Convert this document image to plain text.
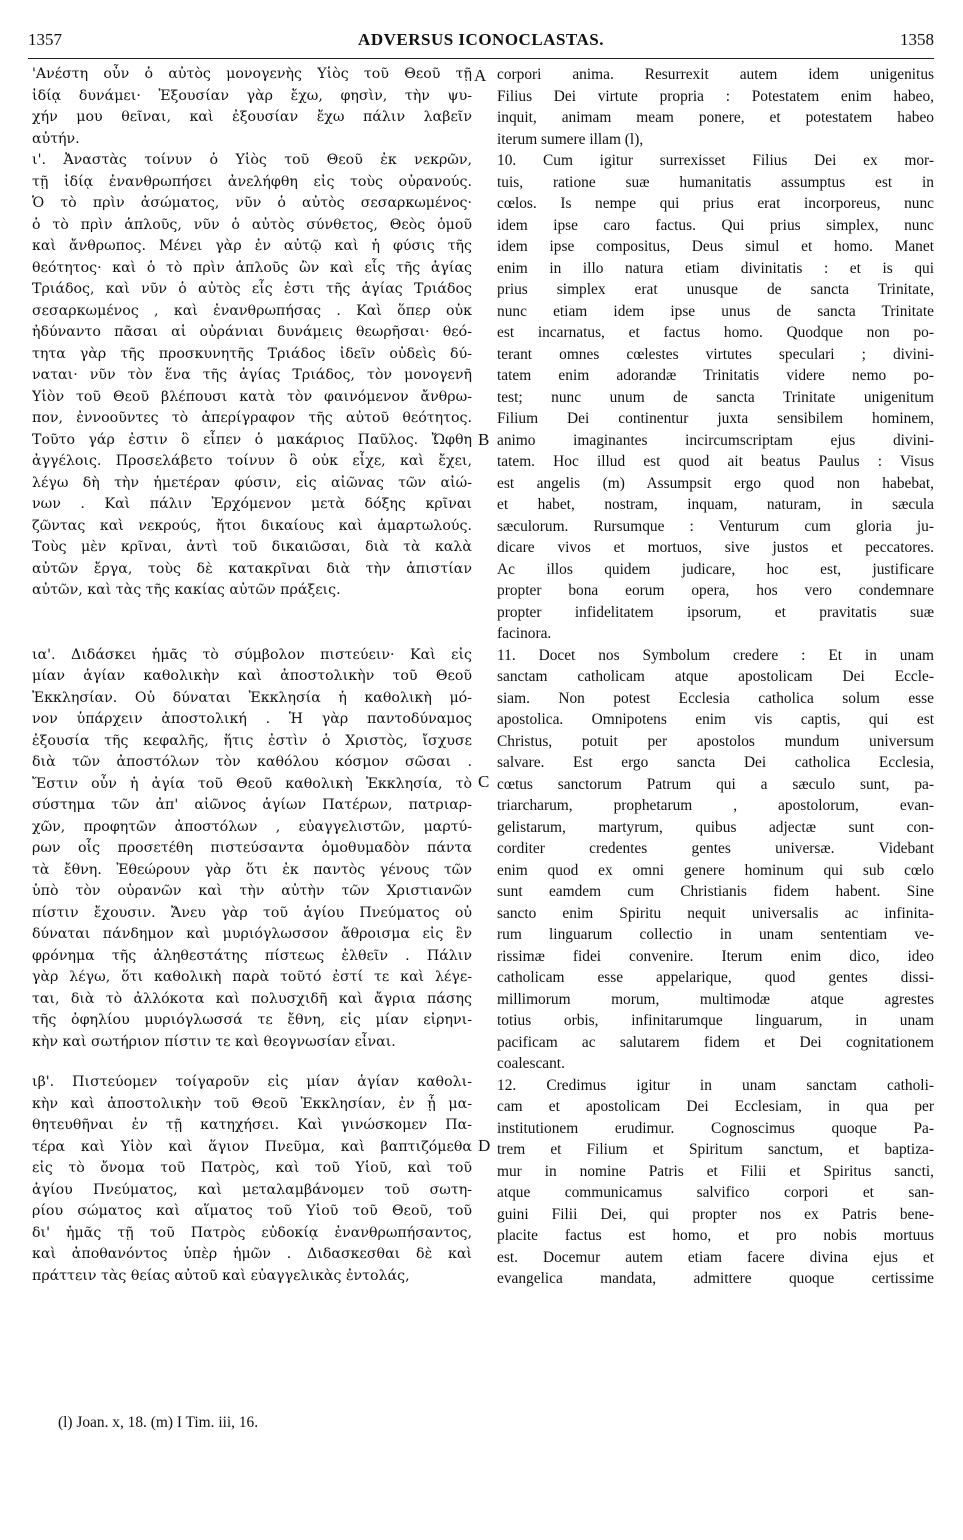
1357	ADVERSUS ICONOCLASTAS.	1358
'Ανέστη οὖν ὁ αὐτὸς μονογενὴς Υἱὸς τοῦ Θεοῦ τῇ
ἰδίᾳ δυνάμει· Ἐξουσίαν γὰρ ἔχω, φησὶν, τὴν ψυ-
χήν μου θεῖναι, καὶ ἐξουσίαν ἔχω πάλιν λαβεῖν
αὐτήν.
ι'. Ἀναστὰς τοίνυν ὁ Υἱὸς τοῦ Θεοῦ ἐκ νεκρῶν,
τῇ ἰδίᾳ ἐνανθρωπήσει ἀνελήφθη εἰς τοὺς οὐρανούς.
Ὁ τὸ πρὶν ἀσώματος, νῦν ὁ αὐτὸς σεσαρκωμένος·
ὁ τὸ πρὶν ἁπλοῦς, νῦν ὁ αὐτὸς σύνθετος, Θεὸς ὁμοῦ
καὶ ἄνθρωπος. Μένει γὰρ ἐν αὐτῷ καὶ ἡ φύσις τῆς
θεότητος· καὶ ὁ τὸ πρὶν ἁπλοῦς ὢν καὶ εἷς τῆς ἁγίας
Τριάδος, καὶ νῦν ὁ αὐτὸς εἷς ἐστι τῆς ἁγίας Τριάδος
σεσαρκωμένος , καὶ ἐνανθρωπήσας . Καὶ ὅπερ οὐκ
ἠδύναντο πᾶσαι αἱ οὐράνιαι δυνάμεις θεωρῆσαι· θεό-
τητα γὰρ τῆς προσκυνητῆς Τριάδος ἰδεῖν οὐδεὶς δύ-
ναται· νῦν τὸν ἕνα τῆς ἁγίας Τριάδος, τὸν μονογενῆ
Υἱὸν τοῦ Θεοῦ βλέπουσι κατὰ τὸν φαινόμενον ἄνθρω-
πον, ἐννοοῦντες τὸ ἀπερίγραφον τῆς αὐτοῦ θεότητος.
Τοῦτο γάρ ἐστιν ὃ εἶπεν ὁ μακάριος Παῦλος. Ὤφθη
ἀγγέλοις. Προσελάβετο τοίνυν ὃ οὐκ εἶχε, καὶ ἔχει,
λέγω δὴ τὴν ἡμετέραν φύσιν, εἰς αἰῶνας τῶν αἰώ-
νων . Καὶ πάλιν Ἐρχόμενον μετὰ δόξης κρῖναι
ζῶντας καὶ νεκρούς, ἤτοι δικαίους καὶ ἁμαρτωλούς.
Τοὺς μὲν κρῖναι, ἀντὶ τοῦ δικαιῶσαι, διὰ τὰ καλὰ
αὐτῶν ἔργα, τοὺς δὲ κατακρῖναι διὰ τὴν ἀπιστίαν
αὐτῶν, καὶ τὰς τῆς κακίας αὐτῶν πράξεις.
ια'. Διδάσκει ἡμᾶς τὸ σύμβολον πιστεύειν· Καὶ εἰς
μίαν ἁγίαν καθολικὴν καὶ ἀποστολικὴν τοῦ Θεοῦ
Ἐκκλησίαν. Οὐ δύναται Ἐκκλησία ἡ καθολικὴ μό-
νον ὑπάρχειν ἀποστολική . Ἡ γὰρ παντοδύναμος
ἐξουσία τῆς κεφαλῆς, ἥτις ἐστὶν ὁ Χριστὸς, ἴσχυσε
διὰ τῶν ἀποστόλων τὸν καθόλου κόσμον σῶσαι .
Ἔστιν οὖν ἡ ἁγία τοῦ Θεοῦ καθολικὴ Ἐκκλησία, τὸ
σύστημα τῶν ἀπ' αἰῶνος ἁγίων Πατέρων, πατριαρ-
χῶν, προφητῶν ἀποστόλων , εὐαγγελιστῶν, μαρτύ-
ρων οἷς προσετέθη πιστεύσαντα ὁμοθυμαδὸν πάντα
τὰ ἔθνη. Ἐθεώρουν γὰρ ὅτι ἐκ παντὸς γένους τῶν
ὑπὸ τὸν οὐρανῶν καὶ τὴν αὐτὴν τῶν Χριστιανῶν
πίστιν ἔχουσιν. Ἄνευ γὰρ τοῦ ἁγίου Πνεύματος οὐ
δύναται πάνδημον καὶ μυριόγλωσσον ἄθροισμα εἰς ἓν
φρόνημα τῆς ἀληθεστάτης πίστεως ἐλθεῖν . Πάλιν
γὰρ λέγω, ὅτι καθολικὴ παρὰ τοῦτό ἐστί τε καὶ λέγε-
ται, διὰ τὸ ἀλλόκοτα καὶ πολυσχιδῆ καὶ ἄγρια πάσης
τῆς ὀφηλίου μυριόγλωσσά τε ἔθνη, εἰς μίαν εἰρηνι-
κὴν καὶ σωτήριον πίστιν τε καὶ θεογνωσίαν εἶναι.
ιβ'. Πιστεύομεν τοίγαροῦν εἰς μίαν ἁγίαν καθολι-
κὴν καὶ ἀποστολικὴν τοῦ Θεοῦ Ἐκκλησίαν, ἐν ᾗ μα-
θητευθῆναι ἐν τῇ κατηχήσει. Καὶ γινώσκομεν Πα-
τέρα καὶ Υἱὸν καὶ ἅγιον Πνεῦμα, καὶ βαπτιζόμεθα
εἰς τὸ ὄνομα τοῦ Πατρὸς, καὶ τοῦ Υἱοῦ, καὶ τοῦ
ἁγίου Πνεύματος, καὶ μεταλαμβάνομεν τοῦ σωτη-
ρίου σώματος καὶ αἵματος τοῦ Υἱοῦ τοῦ Θεοῦ, τοῦ
δι' ἡμᾶς τῇ τοῦ Πατρὸς εὐδοκίᾳ ἐνανθρωπήσαντος,
καὶ ἀποθανόντος ὑπὲρ ἡμῶν . Διδασκεσθαι δὲ καὶ
πράττειν τὰς θείας αὐτοῦ καὶ εὐαγγελικὰς ἐντολάς,
corpori anima. Resurrexit autem idem unigenitus
Filius Dei virtute propria : Potestatem enim habeo,
inquit, animam meam ponere, et potestatem habeo
iterum sumere illam (l),
10. Cum igitur surrexisset Filius Dei ex mor-
tuis, ratione suæ humanitatis assumptus est in
cœlos. Is nempe qui prius erat incorporeus, nunc
idem ipse caro factus. Qui prius simplex, nunc
idem ipse compositus, Deus simul et homo. Manet
enim in illo natura etiam divinitatis : et is qui
prius simplex erat unusque de sancta Trinitate,
nunc etiam idem ipse unus de sancta Trinitate
est incarnatus, et factus homo. Quodque non po-
terant omnes cœlestes virtutes speculari ; divini-
tatem enim adorandæ Trinitatis videre nemo po-
test; nunc unum de sancta Trinitate unigenitum
Filium Dei continentur juxta sensibilem hominem,
animo imaginantes incircumscriptam ejus divini-
tatem. Hoc illud est quod ait beatus Paulus : Visus
est angelis (m) Assumpsit ergo quod non habebat,
et habet, nostram, inquam, naturam, in sæcula
sæculorum. Rursumque : Venturum cum gloria ju-
dicare vivos et mortuos, sive justos et peccatores.
Ac illos quidem judicare, hoc est, justificare
propter bona eorum opera, hos vero condemnare
propter infidelitatem ipsorum, et pravitatis suæ
facinora.
11. Docet nos Symbolum credere : Et in unam
sanctam catholicam atque apostolicam Dei Eccle-
siam. Non potest Ecclesia catholica solum esse
apostolica. Omnipotens enim vis captis, qui est
Christus, potuit per apostolos mundum universum
salvare. Est ergo sancta Dei catholica Ecclesia,
cœtus sanctorum Patrum qui a sæculo sunt, pa-
triarcharum, prophetarum , apostolorum, evan-
gelistarum, martyrum, quibus adjectæ sunt con-
corditer credentes gentes universæ. Videbant
enim quod ex omni genere hominum qui sub cœlo
sunt eamdem cum Christianis fidem habent. Sine
sancto enim Spiritu nequit universalis ac infinita-
rum linguarum collectio in unam sententiam ve-
rissimæ fidei convenire. Iterum enim dico, ideo
catholicam esse appelarique, quod gentes dissi-
millimorum morum, multimodæ atque agrestes
totius orbis, infinitarumque linguarum, in unam
pacificam ac salutarem fidem et Dei cognitationem
coalescant.
12. Credimus igitur in unam sanctam catholi-
cam et apostolicam Dei Ecclesiam, in qua per
institutionem erudimur. Cognoscimus quoque Pa-
trem et Filium et Spiritum sanctum, et baptiza-
mur in nomine Patris et Filii et Spiritus sancti,
atque communicamus salvifico corpori et san-
guini Filii Dei, qui propter nos ex Patris bene-
placite factus est homo, et pro nobis mortuus
est. Docemur autem etiam facere divina ejus et
evangelica mandata, admittere quoque certissime
A
B
C
D
(l) Joan. x, 18. (m) I Tim. iii, 16.
